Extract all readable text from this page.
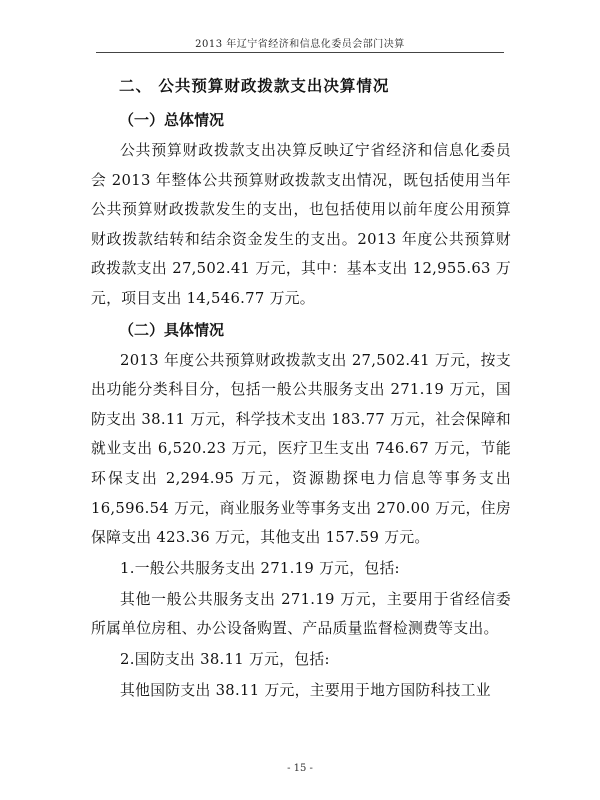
2013 年辽宁省经济和信息化委员会部门决算
二、 公共预算财政拨款支出决算情况
（一）总体情况

公共预算财政拨款支出决算反映辽宁省经济和信息化委员会 2013 年整体公共预算财政拨款支出情况，既包括使用当年公共预算财政拨款发生的支出，也包括使用以前年度公用预算财政拨款结转和结余资金发生的支出。2013 年度公共预算财政拨款支出 27,502.41 万元，其中：基本支出 12,955.63 万元，项目支出 14,546.77 万元。

（二）具体情况

2013 年度公共预算财政拨款支出 27,502.41 万元，按支出功能分类科目分，包括一般公共服务支出 271.19 万元，国防支出 38.11 万元，科学技术支出 183.77 万元，社会保障和就业支出 6,520.23 万元，医疗卫生支出 746.67 万元，节能环保支出 2,294.95 万元，资源勘探电力信息等事务支出 16,596.54 万元，商业服务业等事务支出 270.00 万元，住房保障支出 423.36 万元，其他支出 157.59 万元。

1.一般公共服务支出 271.19 万元，包括:

其他一般公共服务支出 271.19 万元，主要用于省经信委所属单位房租、办公设备购置、产品质量监督检测费等支出。

2.国防支出 38.11 万元，包括:

其他国防支出 38.11 万元，主要用于地方国防科技工业

- 15 -
